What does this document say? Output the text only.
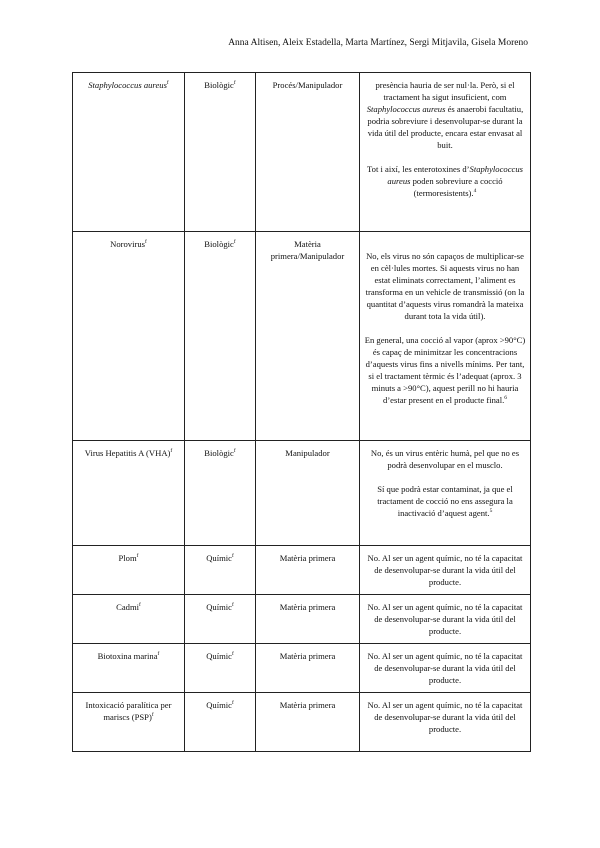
Anna Altisen, Aleix Estadella, Marta Martínez, Sergi Mitjavila, Gisela Moreno
Staphylococcus aureus$^f$	Biològic$^f$	Procés/Manipulador	presència hauria de ser nul·la. Però, si el tractament ha sigut insuficient, com Staphylococcus aureus és anaerobi facultatiu, podria sobreviure i desenvolupar-se durant la vida útil del producte, encara estar envasat al buit.

Tot i així, les enterotoxines d’Staphylococcus aureus poden sobreviure a cocció (termoresistents).$^4$

Norovirus$^f$	Biològic$^f$	Matèria primera/Manipulador	No, els virus no són capaços de multiplicar-se en cèl·lules mortes. Si aquests virus no han estat eliminats correctament, l’aliment es transforma en un vehicle de transmissió (on la quantitat d’aquests virus romandrà la mateixa durant tota la vida útil).

En general, una cocció al vapor (aprox >90°C) és capaç de minimitzar les concentracions d’aquests virus fins a nivells mínims. Per tant, si el tractament tèrmic és l’adequat (aprox. 3 minuts a >90°C), aquest perill no hi hauria d’estar present en el producte final.$^6$

Virus Hepatitis A (VHA)$^f$	Biològic$^f$	Manipulador	No, és un virus entèric humà, pel que no es podrà desenvolupar en el musclo.

Sí que podrà estar contaminat, ja que el tractament de cocció no ens assegura la inactivació d’aquest agent.$^5$

Plom$^f$	Químic$^f$	Matèria primera	No. Al ser un agent químic, no té la capacitat de desenvolupar-se durant la vida útil del producte.

Cadmi$^f$	Químic$^f$	Matèria primera	No. Al ser un agent químic, no té la capacitat de desenvolupar-se durant la vida útil del producte.

Biotoxina marina$^f$	Químic$^f$	Matèria primera	No. Al ser un agent químic, no té la capacitat de desenvolupar-se durant la vida útil del producte.

Intoxicació paralítica per mariscs (PSP)$^f$	Químic$^f$	Matèria primera	No. Al ser un agent químic, no té la capacitat de desenvolupar-se durant la vida útil del producte.
